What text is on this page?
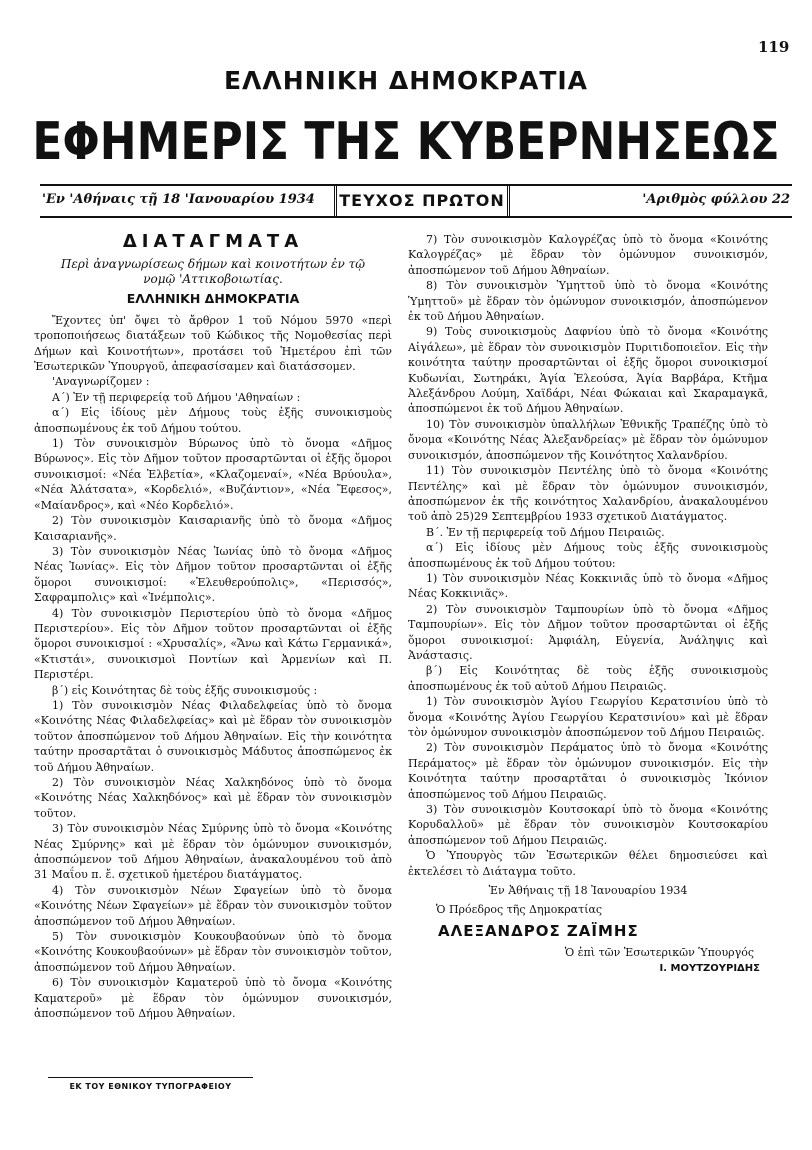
119
ΕΛΛΗΝΙΚΗ ΔΗΜΟΚΡΑΤΙΑ
ΕΦΗΜΕΡΙΣ ΤΗΣ ΚΥΒΕΡΝΗΣΕΩΣ
'Εν 'Αθήναις τῇ 18 'Ιανουαρίου 1934	ΤΕΥΧΟΣ ΠΡΩΤΟΝ	'Αριθμὸς φύλλου 22
ΔΙΑΤΑΓΜΑΤΑ
Περὶ ἀναγνωρίσεως δήμων καὶ κοινοτήτων ἐν τῷ νομῷ 'Αττικοβοιωτίας.
ΕΛΛΗΝΙΚΗ ΔΗΜΟΚΡΑΤΙΑ

Ἔχοντες ὑπ' ὄψει τὸ ἄρθρον 1 τοῦ Νόμου 5970 «περὶ τροποποιήσεως διατάξεων τοῦ Κώδικος τῆς Νομοθεσίας περὶ Δήμων καὶ Κοινοτήτων», προτάσει τοῦ Ἡμετέρου ἐπὶ τῶν Ἐσωτερικῶν Ὑπουργοῦ, ἀπεφασίσαμεν καὶ διατάσσομεν.

'Αναγνωρίζομεν :

Α΄) Ἐν τῇ περιφερείᾳ τοῦ Δήμου 'Αθηναίων :

α΄) Εἰς ἰδίους μὲν Δήμους τοὺς ἑξῆς συνοικισμοὺς ἀποσπωμένους ἐκ τοῦ Δήμου τούτου.

1) Τὸν συνοικισμὸν Βύρωνος ὑπὸ τὸ ὄνομα «Δῆμος Βύρωνος». Εἰς τὸν Δῆμον τοῦτον προσαρτῶνται οἱ ἑξῆς ὅμοροι συνοικισμοί: «Νέα Ἐλβετία», «Κλαζομεναί», «Νέα Βρύουλα», «Νέα Ἀλάτσατα», «Κορδελιό», «Βυζάντιον», «Νέα Ἔφεσος», «Μαίανδρος», καὶ «Νέο Κορδελιό».

2) Τὸν συνοικισμὸν Καισαριανῆς ὑπὸ τὸ ὄνομα «Δῆμος Καισαριανῆς».

3) Τὸν συνοικισμὸν Νέας Ἰωνίας ὑπὸ τὸ ὄνομα «Δῆμος Νέας Ἰωνίας». Εἰς τὸν Δῆμον τοῦτον προσαρτῶνται οἱ ἑξῆς ὅμοροι συνοικισμοί: «Ἐλευθερούπολις», «Περισσός», Σαφραμπολις» καὶ «Ἰνέμπολις».

4) Τὸν συνοικισμὸν Περιστερίου ὑπὸ τὸ ὄνομα «Δῆμος Περιστερίου». Εἰς τὸν Δῆμον τοῦτον προσαρτῶνται οἱ ἑξῆς ὅμοροι συνοικισμοί : «Χρυσαλίς», «Ἄνω καὶ Κάτω Γερμανικά», «Κτιστάι», συνοικισμοὶ Ποντίων καὶ Ἀρμενίων καὶ Π. Περιστέρι.

β΄) εἰς Κοινότητας δὲ τοὺς ἑξῆς συνοικισμούς :

1) Τὸν συνοικισμὸν Νέας Φιλαδελφείας ὑπὸ τὸ ὄνομα «Κοινότης Νέας Φιλαδελφείας» καὶ μὲ ἕδραν τὸν συνοικισμὸν τοῦτον ἀποσπώμενον τοῦ Δήμου Ἀθηναίων. Εἰς τὴν κοινότητα ταύτην προσαρτᾶται ὁ συνοικισμὸς Μάδυτος ἀποσπώμενος ἐκ τοῦ Δήμου Ἀθηναίων.

2) Τὸν συνοικισμὸν Νέας Χαλκηδόνος ὑπὸ τὸ ὄνομα «Κοινότης Νέας Χαλκηδόνος» καὶ μὲ ἕδραν τὸν συνοικισμὸν τοῦτον.

3) Τὸν συνοικισμὸν Νέας Σμύρνης ὑπὸ τὸ ὄνομα «Κοινότης Νέας Σμύρνης» καὶ μὲ ἕδραν τὸν ὁμώνυμον συνοικισμόν, ἀποσπώμενον τοῦ Δήμου Ἀθηναίων, ἀνακαλουμένου τοῦ ἀπὸ 31 Μαΐου π. ἔ. σχετικοῦ ἡμετέρου διατάγματος.

4) Τὸν συνοικισμὸν Νέων Σφαγείων ὑπὸ τὸ ὄνομα «Κοινότης Νέων Σφαγείων» μὲ ἕδραν τὸν συνοικισμὸν τοῦτον ἀποσπώμενον τοῦ Δήμου Ἀθηναίων.

5) Τὸν συνοικισμὸν Κουκουβαούνων ὑπὸ τὸ ὄνομα «Κοινότης Κουκουβαούνων» μὲ ἕδραν τὸν συνοικισμὸν τοῦτον, ἀποσπώμενον τοῦ Δήμου Ἀθηναίων.

6) Τὸν συνοικισμὸν Καματεροῦ ὑπὸ τὸ ὄνομα «Κοινότης Καματεροῦ» μὲ ἕδραν τὸν ὁμώνυμον συνοικισμόν, ἀποσπώμενον τοῦ Δήμου Ἀθηναίων.

7) Τὸν συνοικισμὸν Καλογρέζας ὑπὸ τὸ ὄνομα «Κοινότης Καλογρέζας» μὲ ἕδραν τὸν ὁμώνυμον συνοικισμόν, ἀποσπώμενον τοῦ Δήμου Ἀθηναίων.

8) Τὸν συνοικισμὸν Ὑμηττοῦ ὑπὸ τὸ ὄνομα «Κοινότης Ὑμηττοῦ» μὲ ἕδραν τὸν ὁμώνυμον συνοικισμόν, ἀποσπώμενον ἐκ τοῦ Δήμου Ἀθηναίων.

9) Τοὺς συνοικισμοὺς Δαφνίου ὑπὸ τὸ ὄνομα «Κοινότης Αἰγάλεω», μὲ ἕδραν τὸν συνοικισμὸν Πυριτιδοποιεῖον. Εἰς τὴν κοινότητα ταύτην προσαρτῶνται οἱ ἑξῆς ὅμοροι συνοικισμοί Κυδωνίαι, Σωτηράκι, Ἁγία Ἐλεούσα, Ἁγία Βαρβάρα, Κτῆμα Ἀλεξάνδρου Λούμη, Χαϊδάρι, Νέαι Φώκαιαι καὶ Σκαραμαγκᾶ, ἀποσπώμενοι ἐκ τοῦ Δήμου Ἀθηναίων.

10) Τὸν συνοικισμὸν ὑπαλλήλων Ἐθνικῆς Τραπέζης ὑπὸ τὸ ὄνομα «Κοινότης Νέας Ἀλεξανδρείας» μὲ ἕδραν τὸν ὁμώνυμον συνοικισμόν, ἀποσπώμενον τῆς Κοινότητος Χαλανδρίου.

11) Τὸν συνοικισμὸν Πεντέλης ὑπὸ τὸ ὄνομα «Κοινότης Πεντέλης» καὶ μὲ ἕδραν τὸν ὁμώνυμον συνοικισμόν, ἀποσπώμενον ἐκ τῆς κοινότητος Χαλανδρίου, ἀνακαλουμένου τοῦ ἀπὸ 25)29 Σεπτεμβρίου 1933 σχετικοῦ Διατάγματος.

Β΄. Ἐν τῇ περιφερείᾳ τοῦ Δήμου Πειραιῶς.

α΄) Εἰς ἰδίους μὲν Δήμους τοὺς ἑξῆς συνοικισμοὺς ἀποσπωμένους ἐκ τοῦ Δήμου τούτου:

1) Τὸν συνοικισμὸν Νέας Κοκκινιᾶς ὑπὸ τὸ ὄνομα «Δῆμος Νέας Κοκκινιᾶς».

2) Τὸν συνοικισμὸν Ταμπουρίων ὑπὸ τὸ ὄνομα «Δῆμος Ταμπουρίων». Εἰς τὸν Δῆμον τοῦτον προσαρτῶνται οἱ ἑξῆς ὅμοροι συνοικισμοί: Ἀμφιάλη, Εὐγενία, Ἀνάληψις καὶ Ἀνάστασις.

β΄) Εἰς Κοινότητας δὲ τοὺς ἑξῆς συνοικισμοὺς ἀποσπωμένους ἐκ τοῦ αὐτοῦ Δήμου Πειραιῶς.

1) Τὸν συνοικισμὸν Ἁγίου Γεωργίου Κερατσινίου ὑπὸ τὸ ὄνομα «Κοινότης Ἁγίου Γεωργίου Κερατσινίου» καὶ μὲ ἕδραν τὸν ὁμώνυμον συνοικισμὸν ἀποσπώμενον τοῦ Δήμου Πειραιῶς.

2) Τὸν συνοικισμὸν Περάματος ὑπὸ τὸ ὄνομα «Κοινότης Περάματος» μὲ ἕδραν τὸν ὁμώνυμον συνοικισμόν. Εἰς τὴν Κοινότητα ταύτην προσαρτᾶται ὁ συνοικισμὸς Ἰκόνιον ἀποσπώμενος τοῦ Δήμου Πειραιῶς.

3) Τὸν συνοικισμὸν Κουτσοκαρί ὑπὸ τὸ ὄνομα «Κοινότης Κορυδαλλοῦ» μὲ ἕδραν τὸν συνοικισμὸν Κουτσοκαρίου ἀποσπώμενον τοῦ Δήμου Πειραιῶς.

Ὁ Ὑπουργὸς τῶν Ἐσωτερικῶν θέλει δημοσιεύσει καὶ ἐκτελέσει τὸ Διάταγμα τοῦτο.

Ἐν Ἀθήναις τῇ 18 Ἰανουαρίου 1934
Ὁ Πρόεδρος τῆς Δημοκρατίας
ΑΛΕΞΑΝΔΡΟΣ ΖΑΪΜΗΣ
Ὁ ἐπὶ τῶν Ἐσωτερικῶν Ὑπουργός
Ι. ΜΟΥΤΖΟΥΡΙΔΗΣ
ΕΚ ΤΟΥ ΕΘΝΙΚΟΥ ΤΥΠΟΓΡΑΦΕΙΟΥ
